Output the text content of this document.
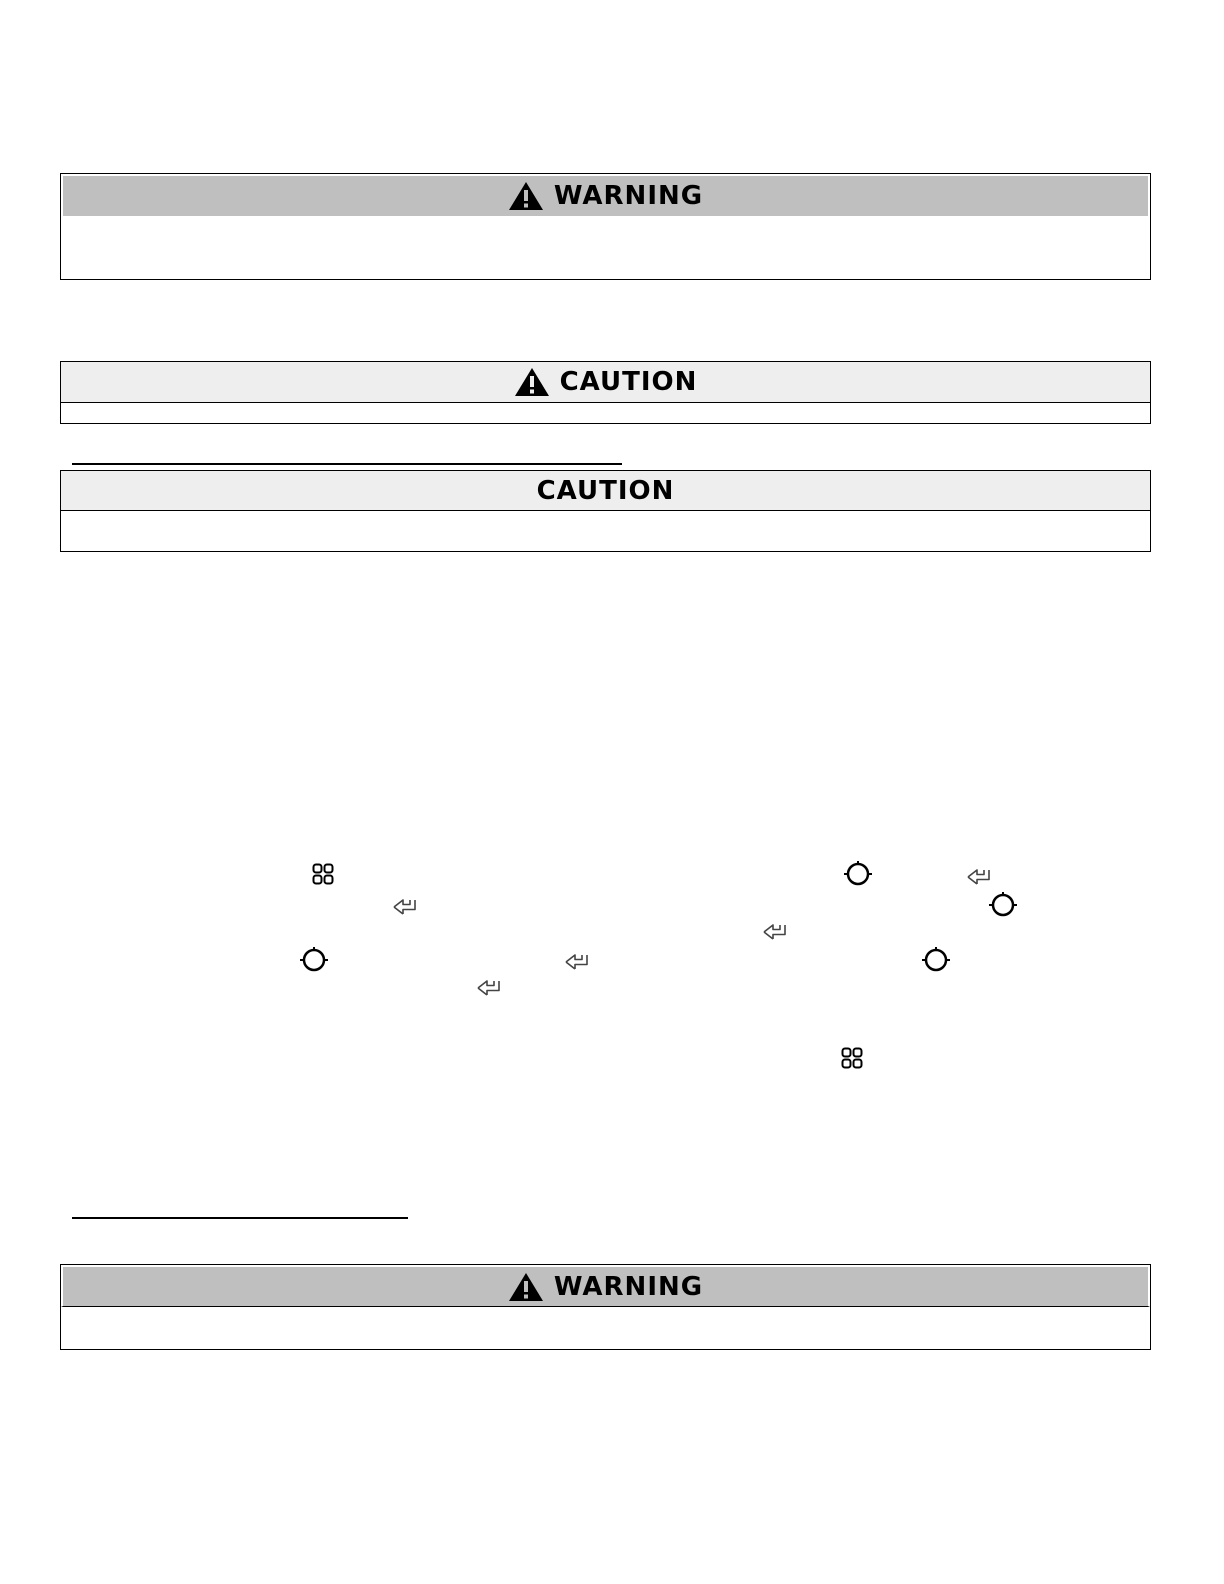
WARNING
CAUTION
CAUTION
WARNING
